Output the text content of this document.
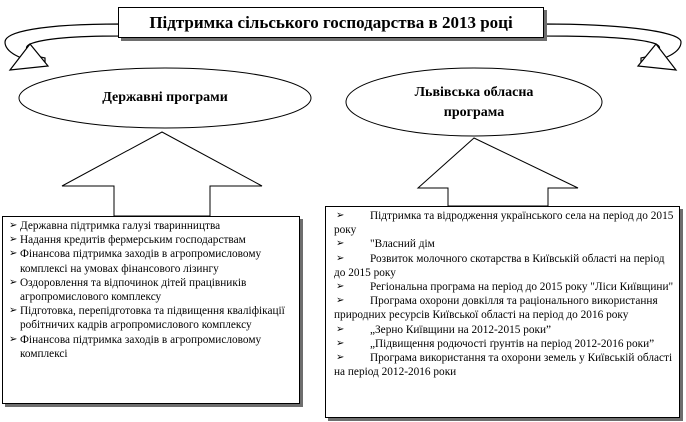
Підтримка сільського господарства в 2013 році
Державні програми	Львівська обласна програма
➢ Державна підтримка галузі тваринництва
➢ Надання кредитів фермерським господарствам
➢ Фінансова підтримка заходів в агропромисловому комплексі на умовах фінансового лізингу
➢ Оздоровлення та відпочинок дітей працівників агропромислового комплексу
➢ Підготовка, перепідготовка та підвищення кваліфікації робітничих кадрів агропромислового комплексу
➢ Фінансова підтримка заходів в агропромисловому комплексі
➢	Підтримка та відродження українського села на період до 2015 року
➢	"Власний дім
➢	Розвиток молочного скотарства в Київській області на період до 2015 року
➢	Регіональна програма на період до 2015 року "Ліси Київщини"
➢	Програма охорони довкілля та раціонального використання природних ресурсів Київської області на період до 2016 року
➢	„Зерно Київщини на 2012-2015 роки”
➢	„Підвищення родючості ґрунтів на період 2012-2016 роки”
➢	Програма використання та охорони земель у Київській області на період 2012-2016 роки
